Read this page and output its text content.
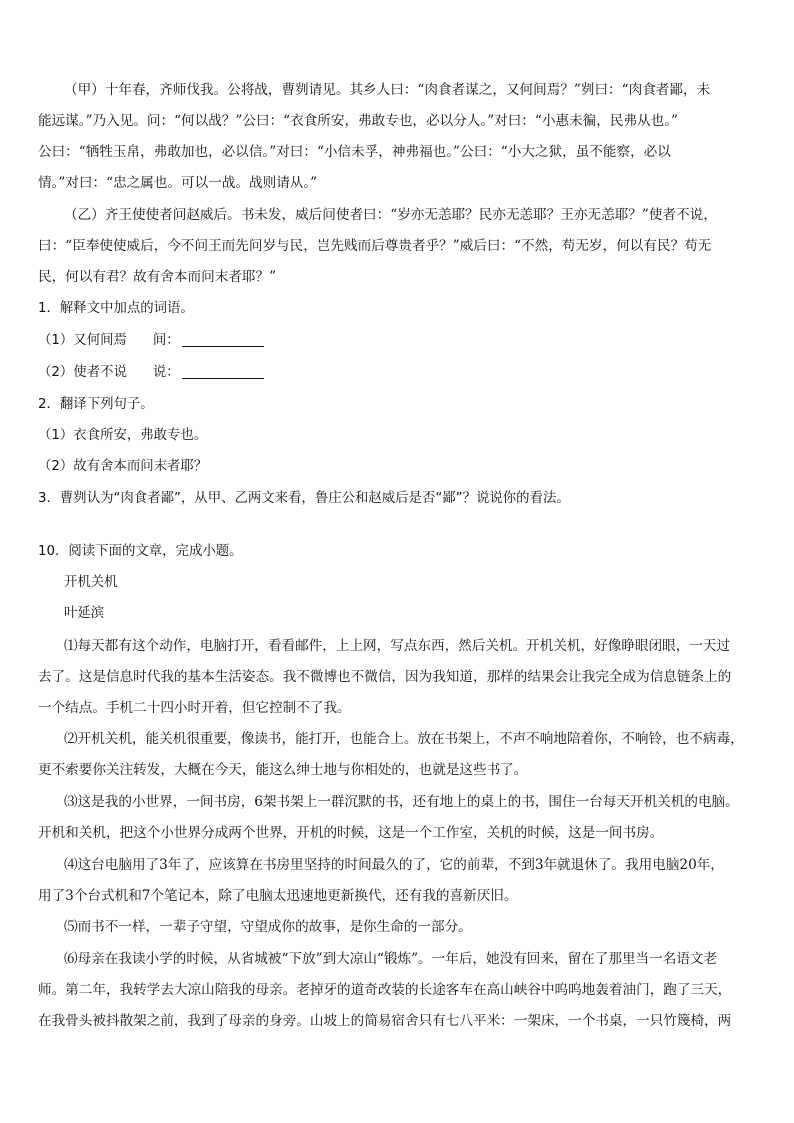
（甲）十年春，齐师伐我。公将战，曹刿请见。其乡人曰：“肉食者谋之，又何间焉？”刿曰：“肉食者鄙，未
能远谋。”乃入见。问：“何以战？”公曰：“衣食所安，弗敢专也，必以分人。”对曰：“小惠未徧，民弗从也。”
公曰：“牺牲玉帛，弗敢加也，必以信。”对曰：“小信未孚，神弗福也。”公曰：“小大之狱，虽不能察，必以
情。”对曰：“忠之属也。可以一战。战则请从。”
（乙）齐王使使者问赵威后。书未发，威后问使者曰：“岁亦无恙耶？民亦无恙耶？王亦无恙耶？”使者不说，
曰：“臣奉使使威后，今不问王而先问岁与民，岂先贱而后尊贵者乎？”威后曰：“不然，苟无岁，何以有民？苟无
民，何以有君？故有舍本而问末者耶？”
1．解释文中加点的词语。
（1）又何间焉 间：
（2）使者不说 说：
2．翻译下列句子。
（1）衣食所安，弗敢专也。
（2）故有舍本而问末者耶？
3．曹刿认为“肉食者鄙”，从甲、乙两文来看，鲁庄公和赵威后是否“鄙”？说说你的看法。
10．阅读下面的文章，完成小题。
开机关机
叶延滨
⑴每天都有这个动作，电脑打开，看看邮件，上上网，写点东西，然后关机。开机关机，好像睁眼闭眼，一天过
去了。这是信息时代我的基本生活姿态。我不微博也不微信，因为我知道，那样的结果会让我完全成为信息链条上的
一个结点。手机二十四小时开着，但它控制不了我。
⑵开机关机，能关机很重要，像读书，能打开，也能合上。放在书架上，不声不响地陪着你，不响铃，也不病毒，
更不索要你关注转发，大概在今天，能这么绅士地与你相处的，也就是这些书了。
⑶这是我的小世界，一间书房，6架书架上一群沉默的书，还有地上的桌上的书，围住一台每天开机关机的电脑。
开机和关机，把这个小世界分成两个世界，开机的时候，这是一个工作室，关机的时候，这是一间书房。
⑷这台电脑用了3年了，应该算在书房里坚持的时间最久的了，它的前辈，不到3年就退休了。我用电脑20年，
用了3个台式机和7个笔记本，除了电脑太迅速地更新换代，还有我的喜新厌旧。
⑸而书不一样，一辈子守望，守望成你的故事，是你生命的一部分。
⑹母亲在我读小学的时候，从省城被“下放”到大凉山“锻炼”。一年后，她没有回来，留在了那里当一名语文老
师。第二年，我转学去大凉山陪我的母亲。老掉牙的道奇改装的长途客车在高山峡谷中呜呜地轰着油门，跑了三天，
在我骨头被抖散架之前，我到了母亲的身旁。山坡上的简易宿舍只有七八平米：一架床，一个书桌，一只竹篾椅，两
